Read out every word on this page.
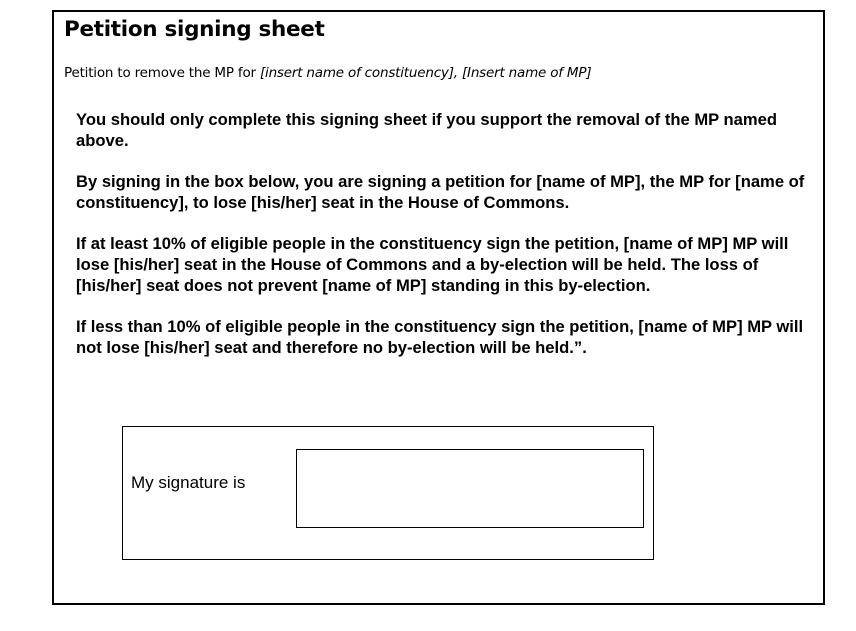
Petition signing sheet

Petition to remove the MP for [insert name of constituency], [Insert name of MP]

You should only complete this signing sheet if you support the removal of the MP named above.

By signing in the box below, you are signing a petition for [name of MP], the MP for [name of constituency], to lose [his/her] seat in the House of Commons.

If at least 10% of eligible people in the constituency sign the petition, [name of MP] MP will lose [his/her] seat in the House of Commons and a by-election will be held. The loss of [his/her] seat does not prevent [name of MP] standing in this by-election.

If less than 10% of eligible people in the constituency sign the petition, [name of MP] MP will not lose [his/her] seat and therefore no by-election will be held.”.

My signature is
